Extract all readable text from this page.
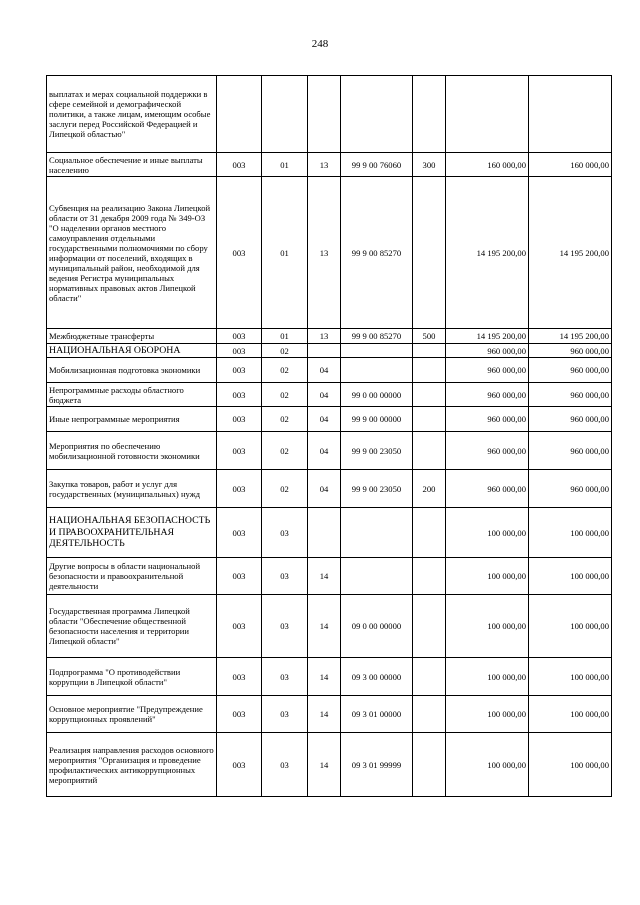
248
выплатах и мерах социальной поддержки в сфере семейной и демографической политики, а также лицам, имеющим особые заслуги перед Российской Федерацией и Липецкой областью"							
Социальное обеспечение и иные выплаты населению	003	01	13	99 9 00 76060	300	160 000,00	160 000,00
Субвенция на реализацию Закона Липецкой области от 31 декабря 2009 года № 349-ОЗ "О наделении органов местного самоуправления отдельными государственными полномочиями по сбору информации от поселений, входящих в муниципальный район, необходимой для ведения Регистра муниципальных нормативных правовых актов Липецкой области"	003	01	13	99 9 00 85270		14 195 200,00	14 195 200,00
Межбюджетные трансферты	003	01	13	99 9 00 85270	500	14 195 200,00	14 195 200,00
НАЦИОНАЛЬНАЯ ОБОРОНА	003	02				960 000,00	960 000,00
Мобилизационная подготовка экономики	003	02	04			960 000,00	960 000,00
Непрограммные расходы областного бюджета	003	02	04	99 0 00 00000		960 000,00	960 000,00
Иные непрограммные мероприятия	003	02	04	99 9 00 00000		960 000,00	960 000,00
Мероприятия по обеспечению мобилизационной готовности экономики	003	02	04	99 9 00 23050		960 000,00	960 000,00
Закупка товаров, работ и услуг для государственных (муниципальных) нужд	003	02	04	99 9 00 23050	200	960 000,00	960 000,00
НАЦИОНАЛЬНАЯ БЕЗОПАСНОСТЬ И ПРАВООХРАНИТЕЛЬНАЯ ДЕЯТЕЛЬНОСТЬ	003	03				100 000,00	100 000,00
Другие вопросы в области национальной безопасности и правоохранительной деятельности	003	03	14			100 000,00	100 000,00
Государственная программа Липецкой области "Обеспечение общественной безопасности населения и территории Липецкой области"	003	03	14	09 0 00 00000		100 000,00	100 000,00
Подпрограмма "О противодействии коррупции в Липецкой области"	003	03	14	09 3 00 00000		100 000,00	100 000,00
Основное мероприятие "Предупреждение коррупционных проявлений"	003	03	14	09 3 01 00000		100 000,00	100 000,00
Реализация направления расходов основного мероприятия "Организация и проведение профилактических антикоррупционных мероприятий	003	03	14	09 3 01 99999		100 000,00	100 000,00
